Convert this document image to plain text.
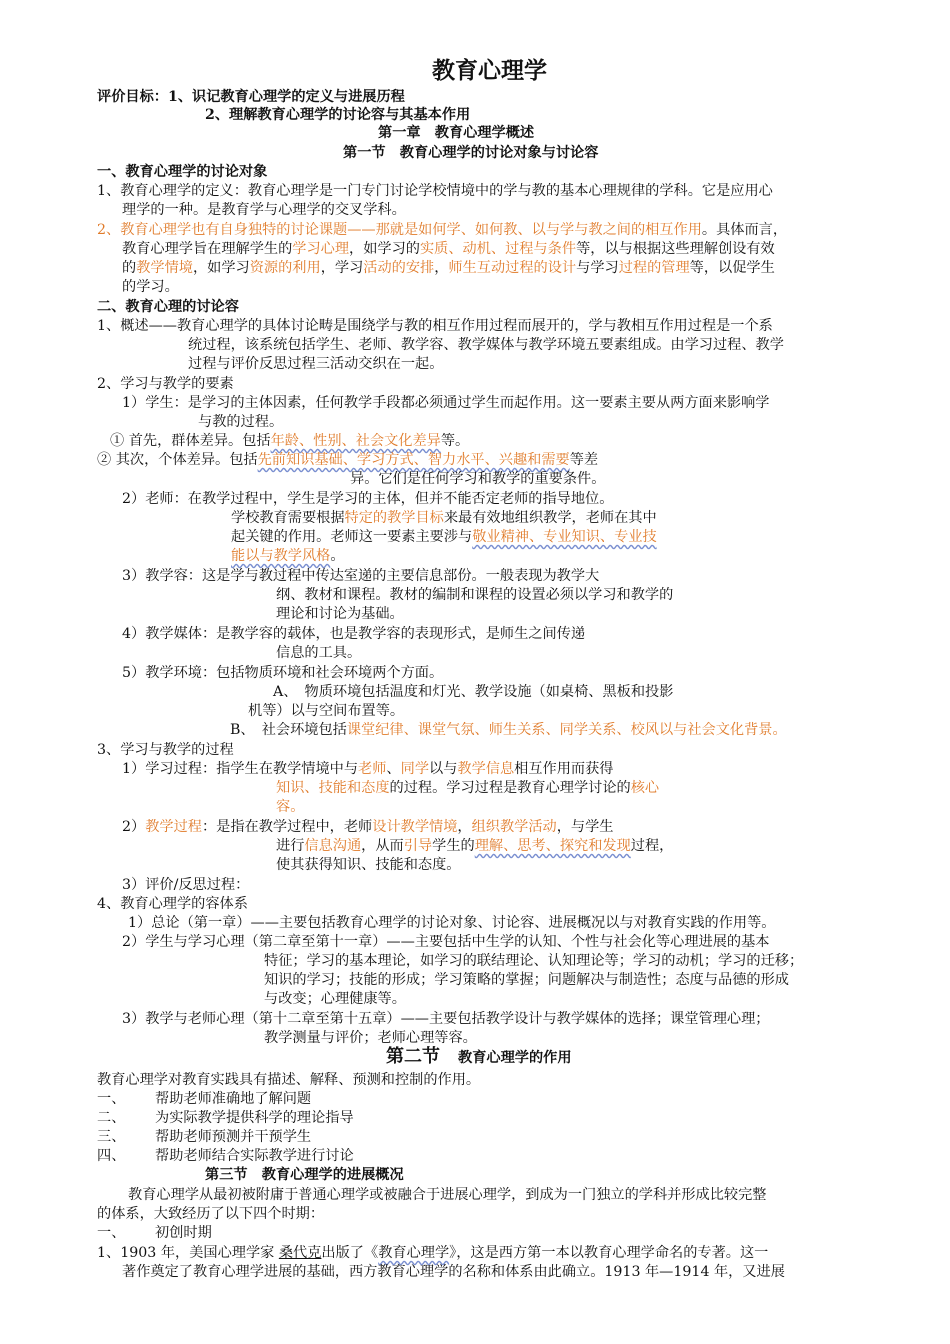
教育心理学
评价目标：1、识记教育心理学的定义与进展历程
2、理解教育心理学的讨论容与其基本作用
第一章　教育心理学概述
第一节　教育心理学的讨论对象与讨论容
一、教育心理学的讨论对象
1、教育心理学的定义：教育心理学是一门专门讨论学校情境中的学与教的基本心理规律的学科。它是应用心
理学的一种。是教育学与心理学的交叉学科。
2、教育心理学也有自身独特的讨论课题——那就是如何学、如何教、以与学与教之间的相互作用。具体而言，
教育心理学旨在理解学生的学习心理，如学习的实质、动机、过程与条件等，以与根据这些理解创设有效
的教学情境，如学习资源的利用，学习活动的安排，师生互动过程的设计与学习过程的管理等，以促学生
的学习。
二、教育心理的讨论容
1、概述——教育心理学的具体讨论畴是围绕学与教的相互作用过程而展开的，学与教相互作用过程是一个系
统过程，该系统包括学生、老师、教学容、教学媒体与教学环境五要素组成。由学习过程、教学
过程与评价反思过程三活动交织在一起。
2、学习与教学的要素
1）学生：是学习的主体因素，任何教学手段都必须通过学生而起作用。这一要素主要从两方面来影响学
与教的过程。
① 首先，群体差异。包括年龄、性别、社会文化差异等。
② 其次，个体差异。包括先前知识基础、学习方式、智力水平、兴趣和需要等差
异。它们是任何学习和教学的重要条件。
2）老师：在教学过程中，学生是学习的主体，但并不能否定老师的指导地位。
学校教育需要根据特定的教学目标来最有效地组织教学，老师在其中
起关键的作用。老师这一要素主要涉与敬业精神、专业知识、专业技
能以与教学风格。
3）教学容：这是学与教过程中传达室递的主要信息部份。一般表现为教学大
纲、教材和课程。教材的编制和课程的设置必须以学习和教学的
理论和讨论为基础。
4）教学媒体：是教学容的载体，也是教学容的表现形式，是师生之间传递
信息的工具。
5）教学环境：包括物质环境和社会环境两个方面。
A、　物质环境包括温度和灯光、教学设施（如桌椅、黑板和投影
机等）以与空间布置等。
B、　社会环境包括课堂纪律、课堂气氛、师生关系、同学关系、校风以与社会文化背景。
3、学习与教学的过程
1）学习过程：指学生在教学情境中与老师、同学以与教学信息相互作用而获得
知识、技能和态度的过程。学习过程是教育心理学讨论的核心
容。
2）教学过程：是指在教学过程中，老师设计教学情境，组织教学活动，与学生
进行信息沟通，从而引导学生的理解、思考、探究和发现过程，
使其获得知识、技能和态度。
3）评价/反思过程：
4、教育心理学的容体系
1）总论（第一章）——主要包括教育心理学的讨论对象、讨论容、进展概况以与对教育实践的作用等。
2）学生与学习心理（第二章至第十一章）——主要包括中生学的认知、个性与社会化等心理进展的基本
特征；学习的基本理论，如学习的联结理论、认知理论等；学习的动机；学习的迁移；
知识的学习；技能的形成；学习策略的掌握；问题解决与制造性；态度与品德的形成
与改变；心理健康等。
3）教学与老师心理（第十二章至第十五章）——主要包括教学设计与教学媒体的选择；课堂管理心理；
教学测量与评价；老师心理等容。
第二节 教育心理学的作用
教育心理学对教育实践具有描述、解释、预测和控制的作用。
一、 帮助老师准确地了解问题
二、 为实际教学提供科学的理论指导
三、 帮助老师预测并干预学生
四、 帮助老师结合实际教学进行讨论
第三节　教育心理学的进展概况
教育心理学从最初被附庸于普通心理学或被融合于进展心理学，到成为一门独立的学科并形成比较完整
的体系，大致经历了以下四个时期：
一、 初创时期
1、1903 年，美国心理学家 桑代克出版了《教育心理学》，这是西方第一本以教育心理学命名的专著。这一
著作奠定了教育心理学进展的基础，西方教育心理学的名称和体系由此确立。1913 年—1914 年，又进展
